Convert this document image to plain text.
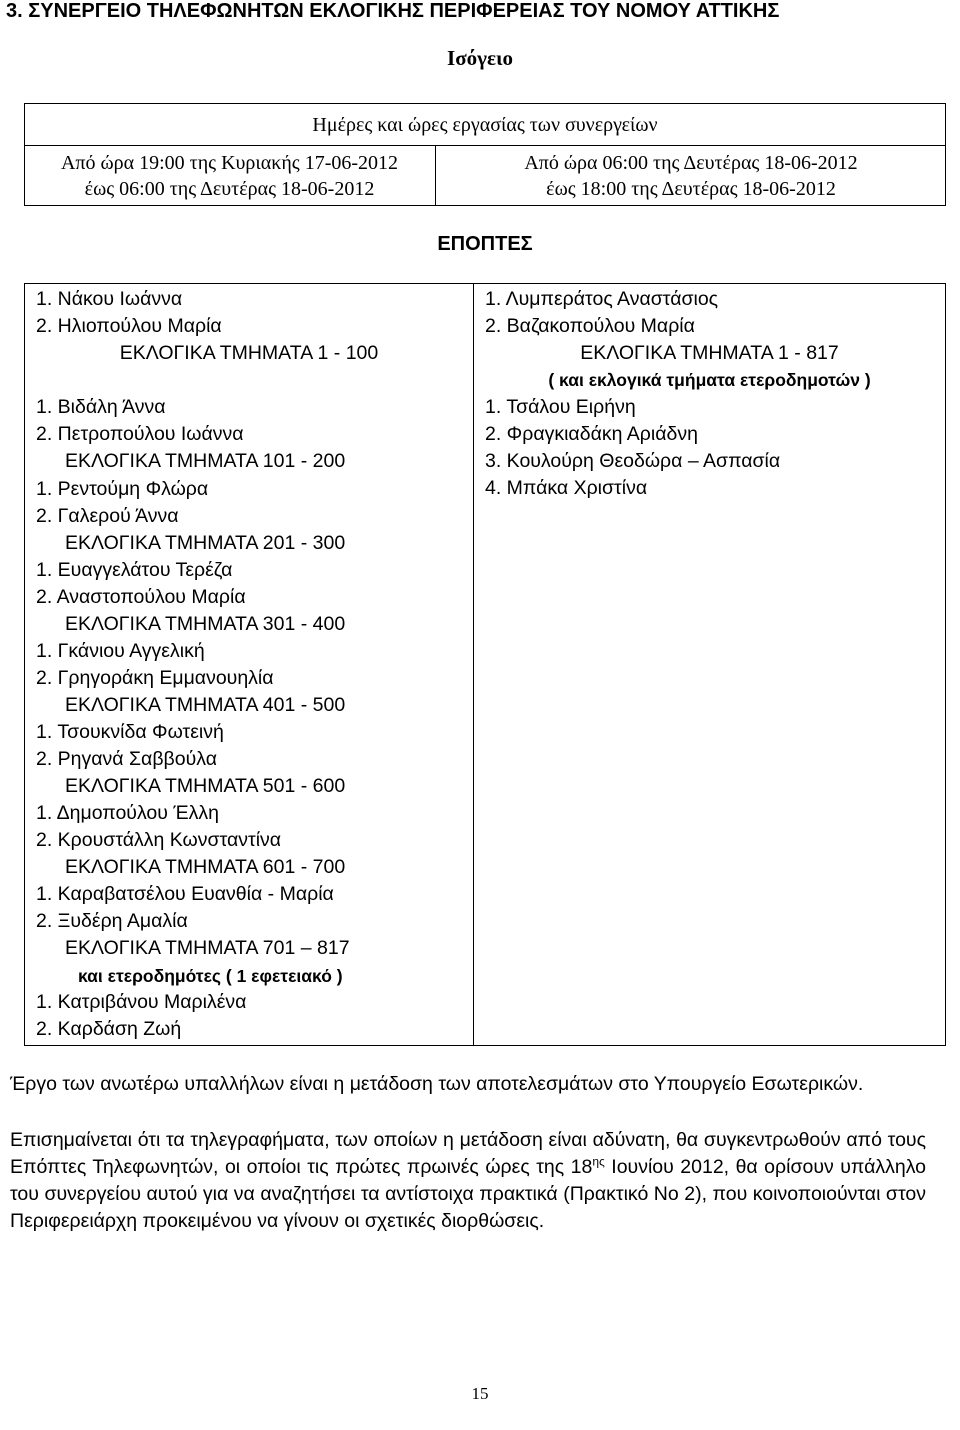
3. ΣΥΝΕΡΓΕΙΟ ΤΗΛΕΦΩΝΗΤΩΝ ΕΚΛΟΓΙΚΗΣ ΠΕΡΙΦΕΡΕΙΑΣ ΤΟΥ ΝΟΜΟΥ ΑΤΤΙΚΗΣ
Ισόγειο
Ημέρες και ώρες εργασίας των συνεργείων
Από ώρα 19:00 της Κυριακής 17-06-2012
έως 06:00 της Δευτέρας 18-06-2012
Από ώρα 06:00 της Δευτέρας 18-06-2012
έως 18:00 της Δευτέρας 18-06-2012
ΕΠΟΠΤΕΣ
1. Νάκου Ιωάννα
2. Ηλιοπούλου Μαρία
ΕΚΛΟΓΙΚΑ ΤΜΗΜΑΤΑ 1 - 100
1. Βιδάλη Άννα
2. Πετροπούλου Ιωάννα
ΕΚΛΟΓΙΚΑ ΤΜΗΜΑΤΑ 101 - 200
1. Ρεντούμη Φλώρα
2. Γαλερού Άννα
ΕΚΛΟΓΙΚΑ ΤΜΗΜΑΤΑ 201 - 300
1. Ευαγγελάτου Τερέζα
2. Αναστοπούλου Μαρία
ΕΚΛΟΓΙΚΑ ΤΜΗΜΑΤΑ 301 - 400
1. Γκάνιου Αγγελική
2. Γρηγοράκη Εμμανουηλία
ΕΚΛΟΓΙΚΑ ΤΜΗΜΑΤΑ 401 - 500
1. Τσουκνίδα Φωτεινή
2. Ρηγανά Σαββούλα
ΕΚΛΟΓΙΚΑ ΤΜΗΜΑΤΑ 501 - 600
1. Δημοπούλου Έλλη
2. Κρουστάλλη Κωνσταντίνα
ΕΚΛΟΓΙΚΑ ΤΜΗΜΑΤΑ 601 - 700
1. Καραβατσέλου Ευανθία - Μαρία
2. Ξυδέρη Αμαλία
ΕΚΛΟΓΙΚΑ ΤΜΗΜΑΤΑ 701 – 817
και ετεροδημότες ( 1 εφετειακό )
1. Κατριβάνου Μαριλένα
2. Καρδάση Ζωή
1. Λυμπεράτος Αναστάσιος
2. Βαζακοπούλου Μαρία
ΕΚΛΟΓΙΚΑ ΤΜΗΜΑΤΑ 1 - 817
( και εκλογικά τμήματα ετεροδημοτών )
1. Τσάλου Ειρήνη
2. Φραγκιαδάκη Αριάδνη
3. Κουλούρη Θεοδώρα – Ασπασία
4. Μπάκα Χριστίνα
Έργο των ανωτέρω υπαλλήλων είναι η μετάδοση των αποτελεσμάτων στο Υπουργείο Εσωτερικών.
Επισημαίνεται ότι τα τηλεγραφήματα, των οποίων η μετάδοση είναι αδύνατη, θα συγκεντρωθούν από τους Επόπτες Τηλεφωνητών, οι οποίοι τις πρώτες πρωινές ώρες της $18^{\eta\varsigma}$ Ιουνίου 2012, θα ορίσουν υπάλληλο του συνεργείου αυτού για να αναζητήσει τα αντίστοιχα πρακτικά (Πρακτικό Νο 2), που κοινοποιούνται στον Περιφερειάρχη προκειμένου να γίνουν οι σχετικές διορθώσεις.
15
